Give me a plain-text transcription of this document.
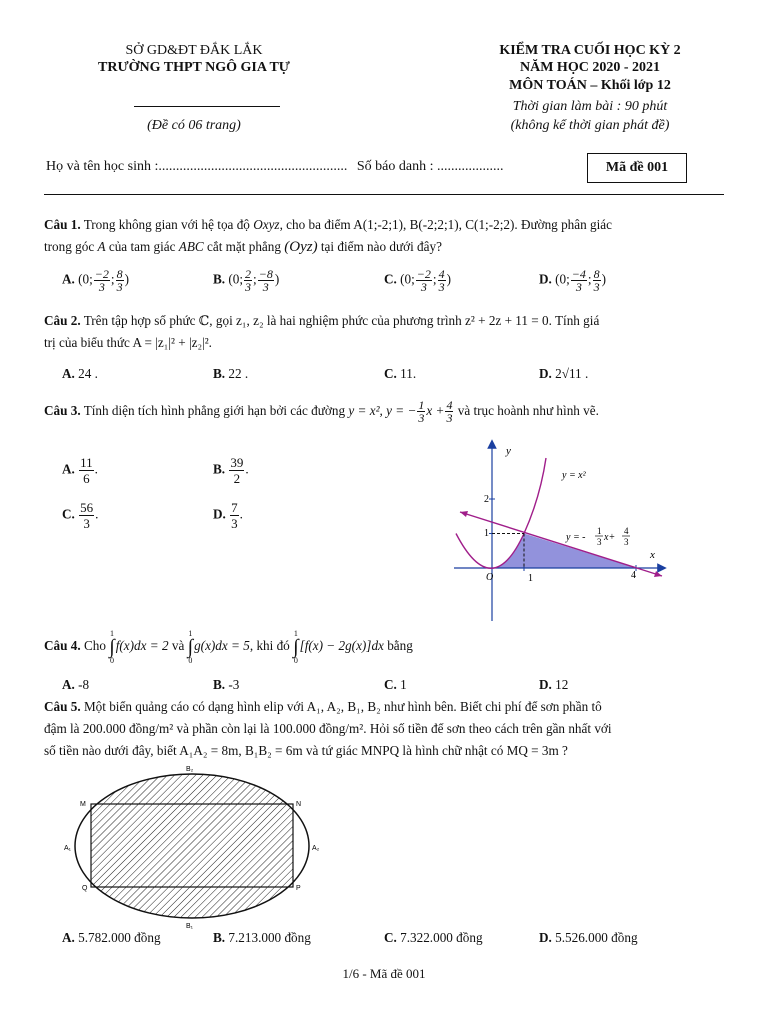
SỞ GD&ĐT ĐẮK LẮK
TRƯỜNG THPT NGÔ GIA TỰ
(Đề có 06 trang)
KIỂM TRA CUỐI HỌC KỲ 2
NĂM HỌC 2020 - 2021
MÔN TOÁN – Khối lớp 12
Thời gian làm bài : 90 phút
(không kể thời gian phát đề)
Họ và tên học sinh :...................................................... Số báo danh : ...................	Mã đề 001
Câu 1. Trong không gian với hệ tọa độ Oxyz, cho ba điểm A(1;-2;1), B(-2;2;1), C(1;-2;2). Đường phân giác
trong góc A của tam giác ABC cắt mặt phẳng (Oyz) tại điểm nào dưới đây?
A. (0; $\frac{-2}{3}$ ; $\frac{8}{3}$ )	B. (0; $\frac{2}{3}$ ; $\frac{-8}{3}$ )	C. (0; $\frac{-2}{3}$ ; $\frac{4}{3}$ )	D. (0; $\frac{-4}{3}$ ; $\frac{8}{3}$ )
Câu 2. Trên tập hợp số phức ℂ, gọi z₁, z₂ là hai nghiệm phức của phương trình z² + 2z + 11 = 0. Tính giá
trị của biểu thức A = |z₁|² + |z₂|².
A. 24 .	B. 22 .	C. 11.	D. 2√11 .
Câu 3. Tính diện tích hình phẳng giới hạn bởi các đường y = x², y = − $\frac{1}{3}$ $x + \frac{4}{3}$ và trục hoành như hình vẽ.
A. $\frac{11}{6}$ .	B. $\frac{39}{2}$ .
C. $\frac{56}{3}$ .	D. $\frac{7}{3}$ .
y
x
O
1
2
1	4
y = x²
y = -
1
3 x+
4
3
Câu 4. Cho
1
∫
0
f(x)dx = 2 và
1
∫
0
g(x)dx = 5, khi đó
1
∫
0
[f(x) − 2g(x)]dx bằng
A. -8	B. -3	C. 1	D. 12
Câu 5. Một biển quảng cáo có dạng hình elip với A₁, A₂, B₁, B₂ như hình bên. Biết chi phí để sơn phần tô
đậm là 200.000 đồng/m² và phần còn lại là 100.000 đồng/m². Hỏi số tiền để sơn theo cách trên gần nhất với
số tiền nào dưới đây, biết A₁A₂ = 8m, B₁B₂ = 6m và tứ giác MNPQ là hình chữ nhật có MQ = 3m ?
B₂
B₁
A₁	A₂
M	N
Q	P
A. 5.782.000 đồng	B. 7.213.000 đồng	C. 7.322.000 đồng	D. 5.526.000 đồng
1/6 - Mã đề 001
